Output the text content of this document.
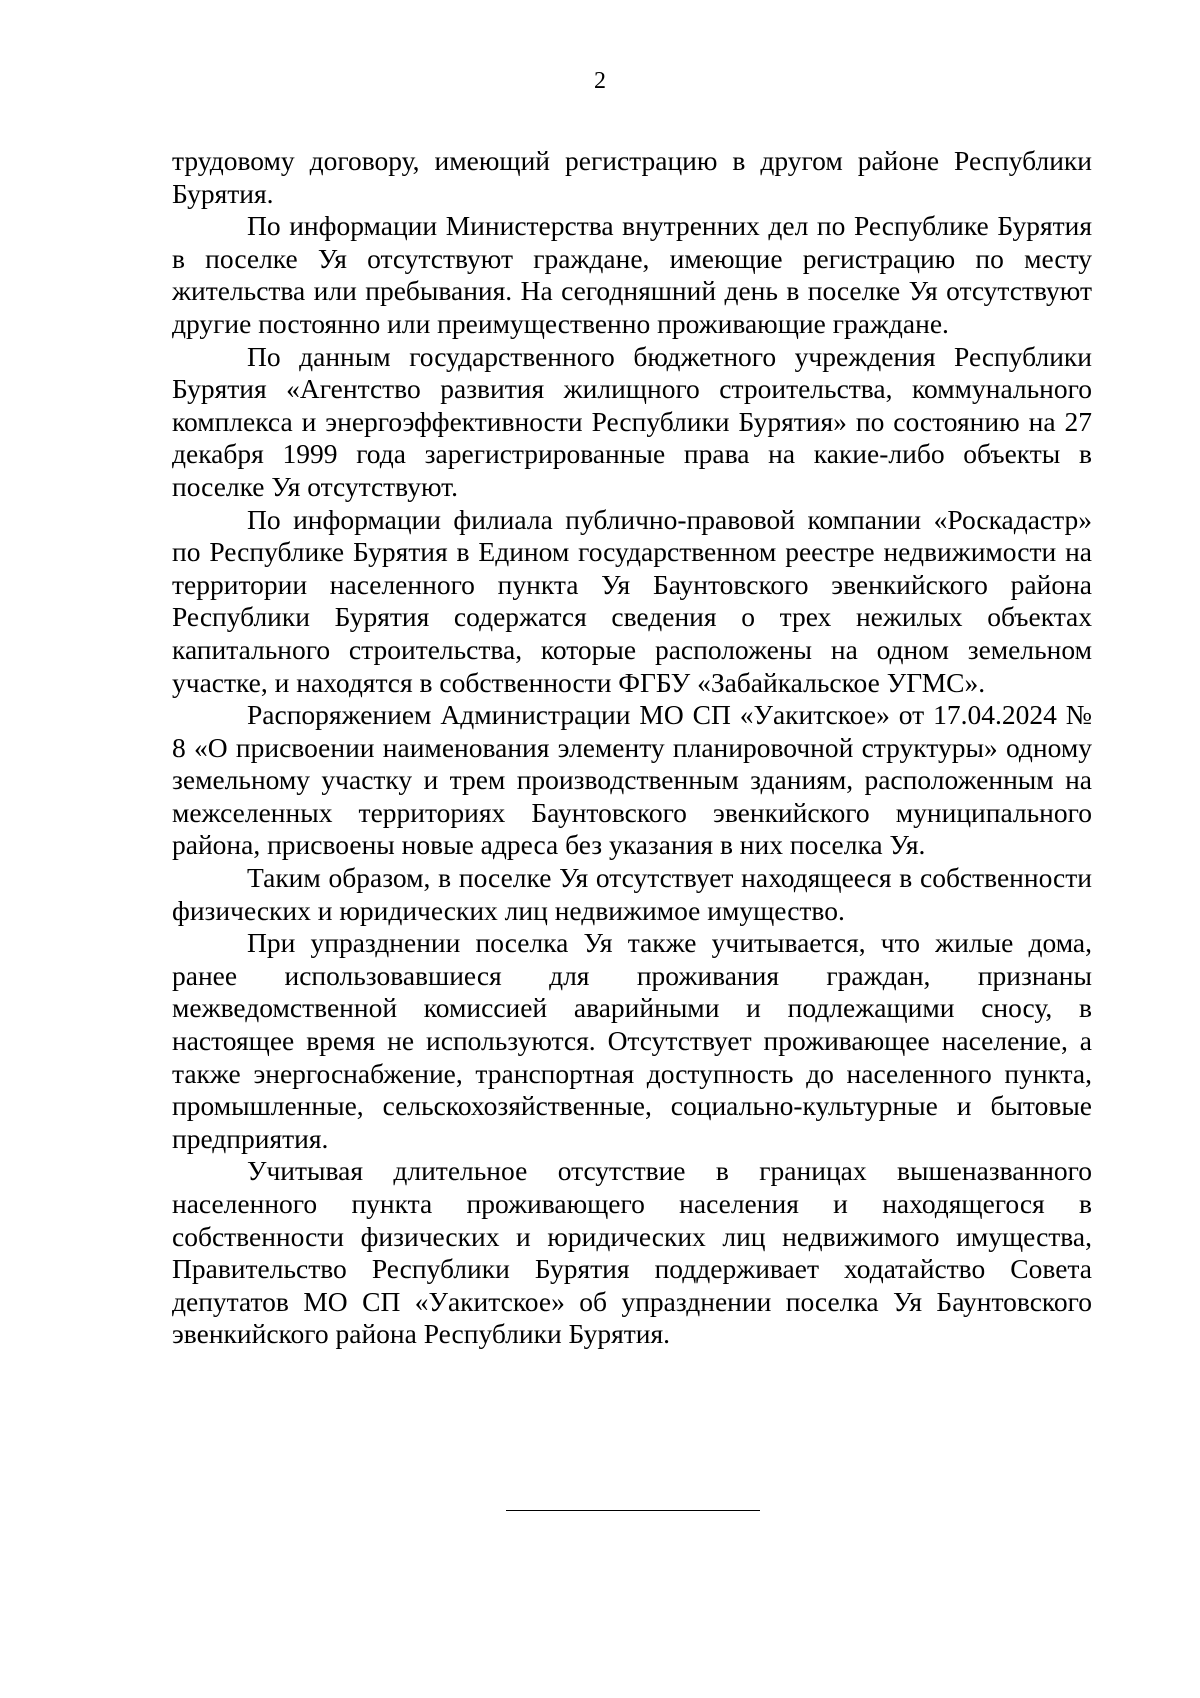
2

трудовому договору, имеющий регистрацию в другом районе Республики Бурятия.

По информации Министерства внутренних дел по Республике Бурятия в поселке Уя отсутствуют граждане, имеющие регистрацию по месту жительства или пребывания. На сегодняшний день в поселке Уя отсутствуют другие постоянно или преимущественно проживающие граждане.

По данным государственного бюджетного учреждения Республики Бурятия «Агентство развития жилищного строительства, коммунального комплекса и энергоэффективности Республики Бурятия» по состоянию на 27 декабря 1999 года зарегистрированные права на какие-либо объекты в поселке Уя отсутствуют.

По информации филиала публично-правовой компании «Роскадастр» по Республике Бурятия в Едином государственном реестре недвижимости на территории населенного пункта Уя Баунтовского эвенкийского района Республики Бурятия содержатся сведения о трех нежилых объектах капитального строительства, которые расположены на одном земельном участке, и находятся в собственности ФГБУ «Забайкальское УГМС».

Распоряжением Администрации МО СП «Уакитское» от 17.04.2024 № 8 «О присвоении наименования элементу планировочной структуры» одному земельному участку и трем производственным зданиям, расположенным на межселенных территориях Баунтовского эвенкийского муниципального района, присвоены новые адреса без указания в них поселка Уя.

Таким образом, в поселке Уя отсутствует находящееся в собственности физических и юридических лиц недвижимое имущество.

При упразднении поселка Уя также учитывается, что жилые дома, ранее использовавшиеся для проживания граждан, признаны межведомственной комиссией аварийными и подлежащими сносу, в настоящее время не используются. Отсутствует проживающее население, а также энергоснабжение, транспортная доступность до населенного пункта, промышленные, сельскохозяйственные, социально-культурные и бытовые предприятия.

Учитывая длительное отсутствие в границах вышеназванного населенного пункта проживающего населения и находящегося в собственности физических и юридических лиц недвижимого имущества, Правительство Республики Бурятия поддерживает ходатайство Совета депутатов МО СП «Уакитское» об упразднении поселка Уя Баунтовского эвенкийского района Республики Бурятия.
